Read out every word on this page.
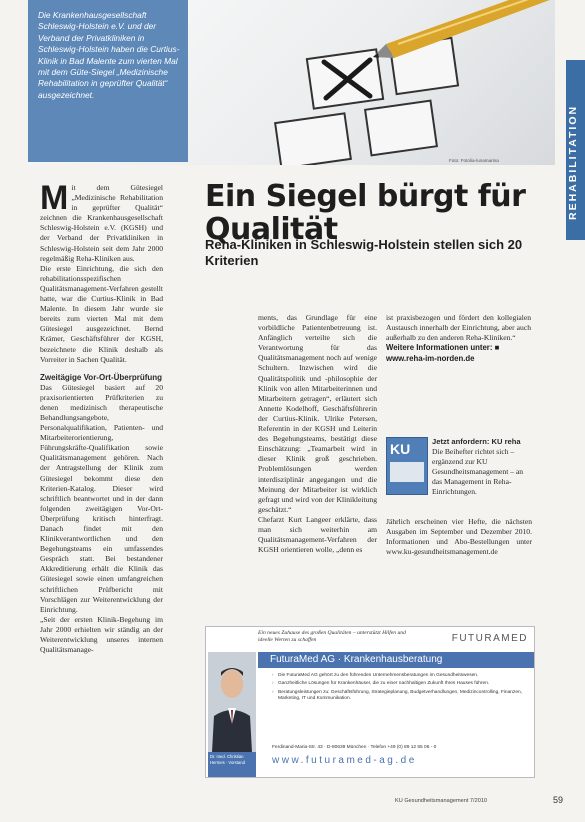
Die Krankenhausgesellschaft Schleswig-Holstein e.V. und der Verband der Privatkliniken in Schleswig-Holstein haben die Curtius-Klinik in Bad Malente zum vierten Mal mit dem Güte-Siegel „Medizinische Rehabilitation in geprüfter Qualität“ ausgezeichnet.

Foto: Fotolia-lunamarina	REHABILITATION
Ein Siegel bürgt für Qualität
Reha-Kliniken in Schleswig-Holstein stellen sich 20 Kriterien

Mit dem Gütesiegel „Medizinische Rehabilitation in geprüfter Qualität“ zeichnen die Krankenhausgesellschaft Schleswig-Holstein e.V. (KGSH) und der Verband der Privatkliniken in Schleswig-Holstein seit dem Jahr 2000 regelmäßig Reha-Kliniken aus.

Die erste Einrichtung, die sich den rehabilitationsspezifischen Qualitätsmanagement-Verfahren gestellt hatte, war die Curtius-Klinik in Bad Malente. In diesem Jahr wurde sie bereits zum vierten Mal mit dem Gütesiegel ausgezeichnet. Bernd Krämer, Geschäftsführer der KGSH, bezeichnete die Klinik deshalb als Vorreiter in Sachen Qualität.

Zweitägige Vor-Ort-Überprüfung

Das Gütesiegel basiert auf 20 praxisorientierten Prüfkriterien zu denen medizinisch therapeutische Behandlungsangebote, Personalqualifikation, Patienten- und Mitarbeiterorientierung, Führungskräfte-Qualifikation sowie Qualitätsmanagement gehören. Nach der Antragstellung der Klinik zum Gütesiegel bekommt diese den Kriterien-Katalog. Dieser wird schriftlich beantwortet und in der dann folgenden zweitägigen Vor-Ort-Überprüfung kritisch hinterfragt. Danach findet mit den Klinikverantwortlichen und den Begehungsteams ein umfassendes Gespräch statt. Bei bestandener Akkreditierung erhält die Klinik das Gütesiegel sowie einen umfangreichen schriftlichen Prüfbericht mit Vorschlägen zur Weiterentwicklung der Einrichtung.

„Seit der ersten Klinik-Begehung im Jahr 2000 erhielten wir ständig an der Weiterentwicklung unseres internen Qualitätsmanage-

ments, das Grundlage für eine vorbildliche Patientenbetreuung ist. Anfänglich verteilte sich die Verantwortung für das Qualitätsmanagement noch auf wenige Schultern. Inzwischen wird die Qualitätspolitik und -philosophie der Klinik von allen Mitarbeiterinnen und Mitarbeitern getragen“, erläutert sich Annette Kodelhoff, Geschäftsführerin der Curtius-Klinik. Ulrike Petersen, Referentin in der KGSH und Leiterin des Begehungsteams, bestätigt diese Einschätzung: „Teamarbeit wird in dieser Klinik groß geschrieben. Problemlösungen werden interdisziplinär angegangen und die Meinung der Mitarbeiter ist wirklich gefragt und wird von der Klinikleitung geschätzt.“

Chefarzt Kurt Langeer erklärte, dass man sich weiterhin am Qualitätsmanagement-Verfahren der KGSH orientieren wolle, „denn es

ist praxisbezogen und fördert den kollegialen Austausch innerhalb der Einrichtung, aber auch außerhalb zu den anderen Reha-Kliniken.“

Weitere Informationen unter: ■

www.reha-im-norden.de

KU	Jetzt anfordern: KU reha
Die Beihefter richtet sich – ergänzend zur KU Gesundheitsmanagement – an das Management in Reha-Einrichtungen.
Jährlich erscheinen vier Hefte, die nächsten Ausgaben im September und Dezember 2010. Informationen und Abo-Bestellungen unter www.ku-gesundheitsmanagement.de
Ein neues Zuhause des großen Qualitäten – unterstützt Hilfen und ideelle Werten zu schaffen	FUTURAMED
Dr. med. Christian Hermes · Vorstand
FuturaMed AG · Krankenhausberatung
› Die FuturaMed AG gehört zu den führenden Unternehmensberatungen im Gesundheitswesen.
› Ganzheitliche Lösungen für Krankenhäuser, die zu einer nachhaltigen Zukunft Ihres Hauses führen.
› Beratungsleistungen zu: Geschäftsführung, Strategieplanung, Budgetverhandlungen, Medizincontrolling, Finanzen, Marketing, IT und Kommunikation.
Ferdinand-Maria-Str. 43 · D-80639 München · Telefon +49 (0) 89 12 55 06 - 0
www.futuramed-ag.de
KU Gesundheitsmanagement 7/2010	59
